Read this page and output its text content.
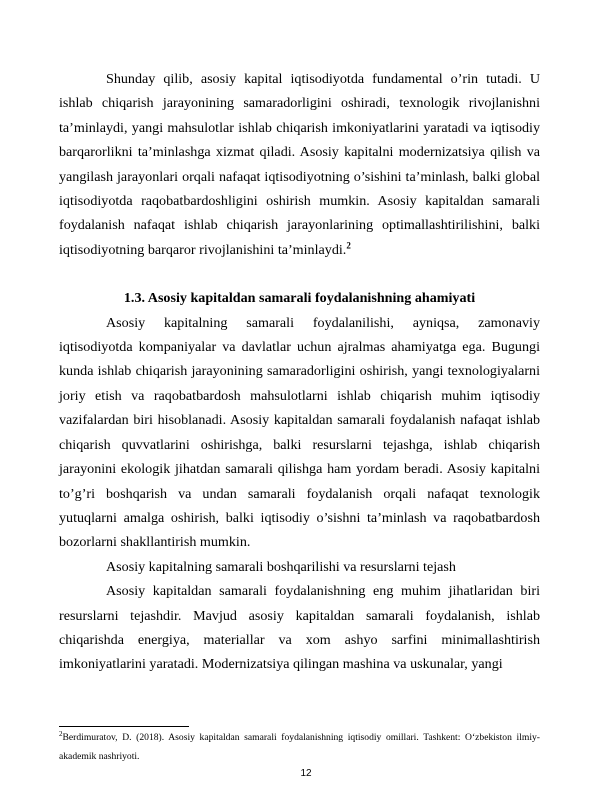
Shunday qilib, asosiy kapital iqtisodiyotda fundamental o’rin tutadi. U ishlab chiqarish jarayonining samaradorligini oshiradi, texnologik rivojlanishni ta’minlaydi, yangi mahsulotlar ishlab chiqarish imkoniyatlarini yaratadi va iqtisodiy barqarorlikni ta’minlashga xizmat qiladi. Asosiy kapitalni modernizatsiya qilish va yangilash jarayonlari orqali nafaqat iqtisodiyotning o’sishini ta’minlash, balki global iqtisodiyotda raqobatbardoshligini oshirish mumkin. Asosiy kapitaldan samarali foydalanish nafaqat ishlab chiqarish jarayonlarining optimallashtirilishini, balki iqtisodiyotning barqaror rivojlanishini ta’minlaydi.$^2$

1.3. Asosiy kapitaldan samarali foydalanishning ahamiyati

Asosiy kapitalning samarali foydalanilishi, ayniqsa, zamonaviy iqtisodiyotda kompaniyalar va davlatlar uchun ajralmas ahamiyatga ega. Bugungi kunda ishlab chiqarish jarayonining samaradorligini oshirish, yangi texnologiyalarni joriy etish va raqobatbardosh mahsulotlarni ishlab chiqarish muhim iqtisodiy vazifalardan biri hisoblanadi. Asosiy kapitaldan samarali foydalanish nafaqat ishlab chiqarish quvvatlarini oshirishga, balki resurslarni tejashga, ishlab chiqarish jarayonini ekologik jihatdan samarali qilishga ham yordam beradi. Asosiy kapitalni to’g’ri boshqarish va undan samarali foydalanish orqali nafaqat texnologik yutuqlarni amalga oshirish, balki iqtisodiy o’sishni ta’minlash va raqobatbardosh bozorlarni shakllantirish mumkin.

Asosiy kapitalning samarali boshqarilishi va resurslarni tejash

Asosiy kapitaldan samarali foydalanishning eng muhim jihatlaridan biri resurslarni tejashdir. Mavjud asosiy kapitaldan samarali foydalanish, ishlab chiqarishda energiya, materiallar va xom ashyo sarfini minimallashtirish imkoniyatlarini yaratadi. Modernizatsiya qilingan mashina va uskunalar, yangi

$^2$Berdimuratov, D. (2018). Asosiy kapitaldan samarali foydalanishning iqtisodiy omillari. Tashkent: O‘zbekiston ilmiy-akademik nashriyoti.
12
